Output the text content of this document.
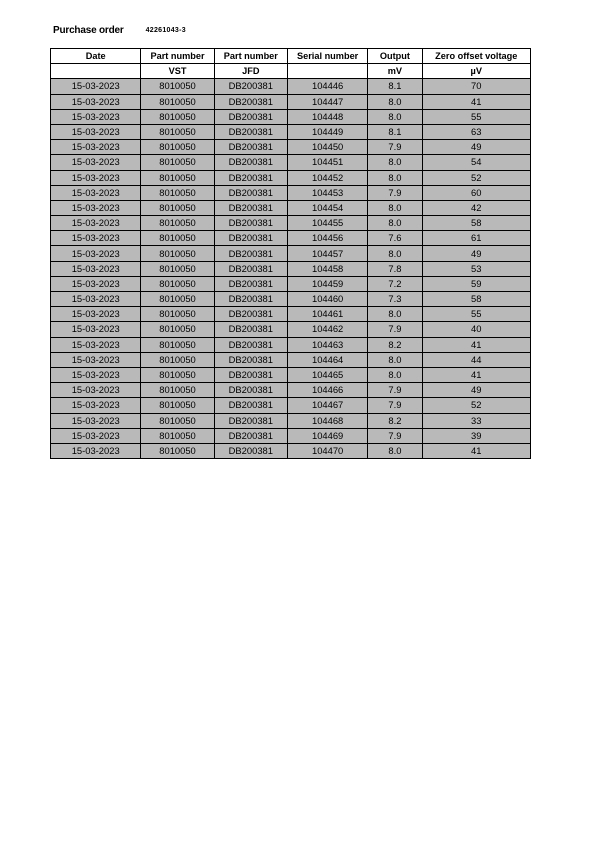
Purchase order	42261043-3
Date	Part number	Part number	Serial number	Output	Zero offset voltage
	VST	JFD		mV	µV
15-03-2023	8010050	DB200381	104446	8.1	70
15-03-2023	8010050	DB200381	104447	8.0	41
15-03-2023	8010050	DB200381	104448	8.0	55
15-03-2023	8010050	DB200381	104449	8.1	63
15-03-2023	8010050	DB200381	104450	7.9	49
15-03-2023	8010050	DB200381	104451	8.0	54
15-03-2023	8010050	DB200381	104452	8.0	52
15-03-2023	8010050	DB200381	104453	7.9	60
15-03-2023	8010050	DB200381	104454	8.0	42
15-03-2023	8010050	DB200381	104455	8.0	58
15-03-2023	8010050	DB200381	104456	7.6	61
15-03-2023	8010050	DB200381	104457	8.0	49
15-03-2023	8010050	DB200381	104458	7.8	53
15-03-2023	8010050	DB200381	104459	7.2	59
15-03-2023	8010050	DB200381	104460	7.3	58
15-03-2023	8010050	DB200381	104461	8.0	55
15-03-2023	8010050	DB200381	104462	7.9	40
15-03-2023	8010050	DB200381	104463	8.2	41
15-03-2023	8010050	DB200381	104464	8.0	44
15-03-2023	8010050	DB200381	104465	8.0	41
15-03-2023	8010050	DB200381	104466	7.9	49
15-03-2023	8010050	DB200381	104467	7.9	52
15-03-2023	8010050	DB200381	104468	8.2	33
15-03-2023	8010050	DB200381	104469	7.9	39
15-03-2023	8010050	DB200381	104470	8.0	41
